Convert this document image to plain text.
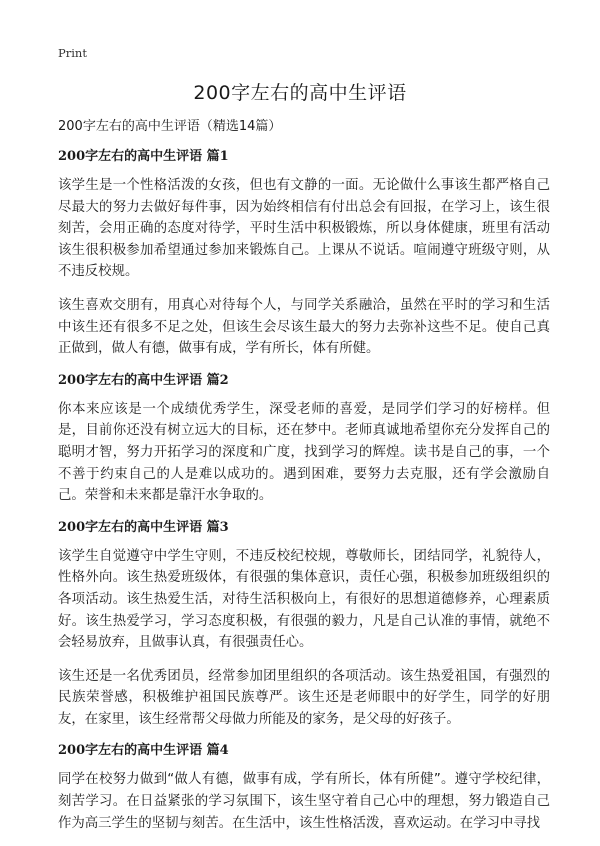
Print
200字左右的高中生评语

200字左右的高中生评语（精选14篇）

200字左右的高中生评语 篇1

该学生是一个性格活泼的女孩，但也有文静的一面。无论做什么事该生都严格自己尽最大的努力去做好每件事，因为始终相信有付出总会有回报，在学习上，该生很刻苦，会用正确的态度对待学，平时生活中积极锻炼，所以身体健康，班里有活动该生很积极参加希望通过参加来锻炼自己。上课从不说话。喧闹遵守班级守则，从不违反校规。

该生喜欢交朋有，用真心对待每个人，与同学关系融洽，虽然在平时的学习和生活中该生还有很多不足之处，但该生会尽该生最大的努力去弥补这些不足。使自己真正做到，做人有德，做事有成，学有所长，体有所健。

200字左右的高中生评语 篇2

你本来应该是一个成绩优秀学生，深受老师的喜爱，是同学们学习的好榜样。但是，目前你还没有树立远大的目标，还在梦中。老师真诚地希望你充分发挥自己的聪明才智，努力开拓学习的深度和广度，找到学习的辉煌。读书是自己的事，一个不善于约束自己的人是难以成功的。遇到困难，要努力去克服，还有学会激励自己。荣誉和未来都是靠汗水争取的。

200字左右的高中生评语 篇3

该学生自觉遵守中学生守则，不违反校纪校规，尊敬师长，团结同学，礼貌待人，性格外向。该生热爱班级体，有很强的集体意识，责任心强，积极参加班级组织的各项活动。该生热爱生活，对待生活积极向上，有很好的思想道德修养，心理素质好。该生热爱学习，学习态度积极，有很强的毅力，凡是自己认准的事情，就绝不会轻易放弃，且做事认真，有很强责任心。

该生还是一名优秀团员，经常参加团里组织的各项活动。该生热爱祖国，有强烈的民族荣誉感，积极维护祖国民族尊严。该生还是老师眼中的好学生，同学的好朋友，在家里，该生经常帮父母做力所能及的家务，是父母的好孩子。

200字左右的高中生评语 篇4

同学在校努力做到“做人有德，做事有成，学有所长，体有所健”。遵守学校纪律，刻苦学习。在日益紧张的学习氛围下，该生坚守着自己心中的理想，努力锻造自己作为高三学生的坚韧与刻苦。在生活中，该生性格活泼，喜欢运动。在学习中寻找
